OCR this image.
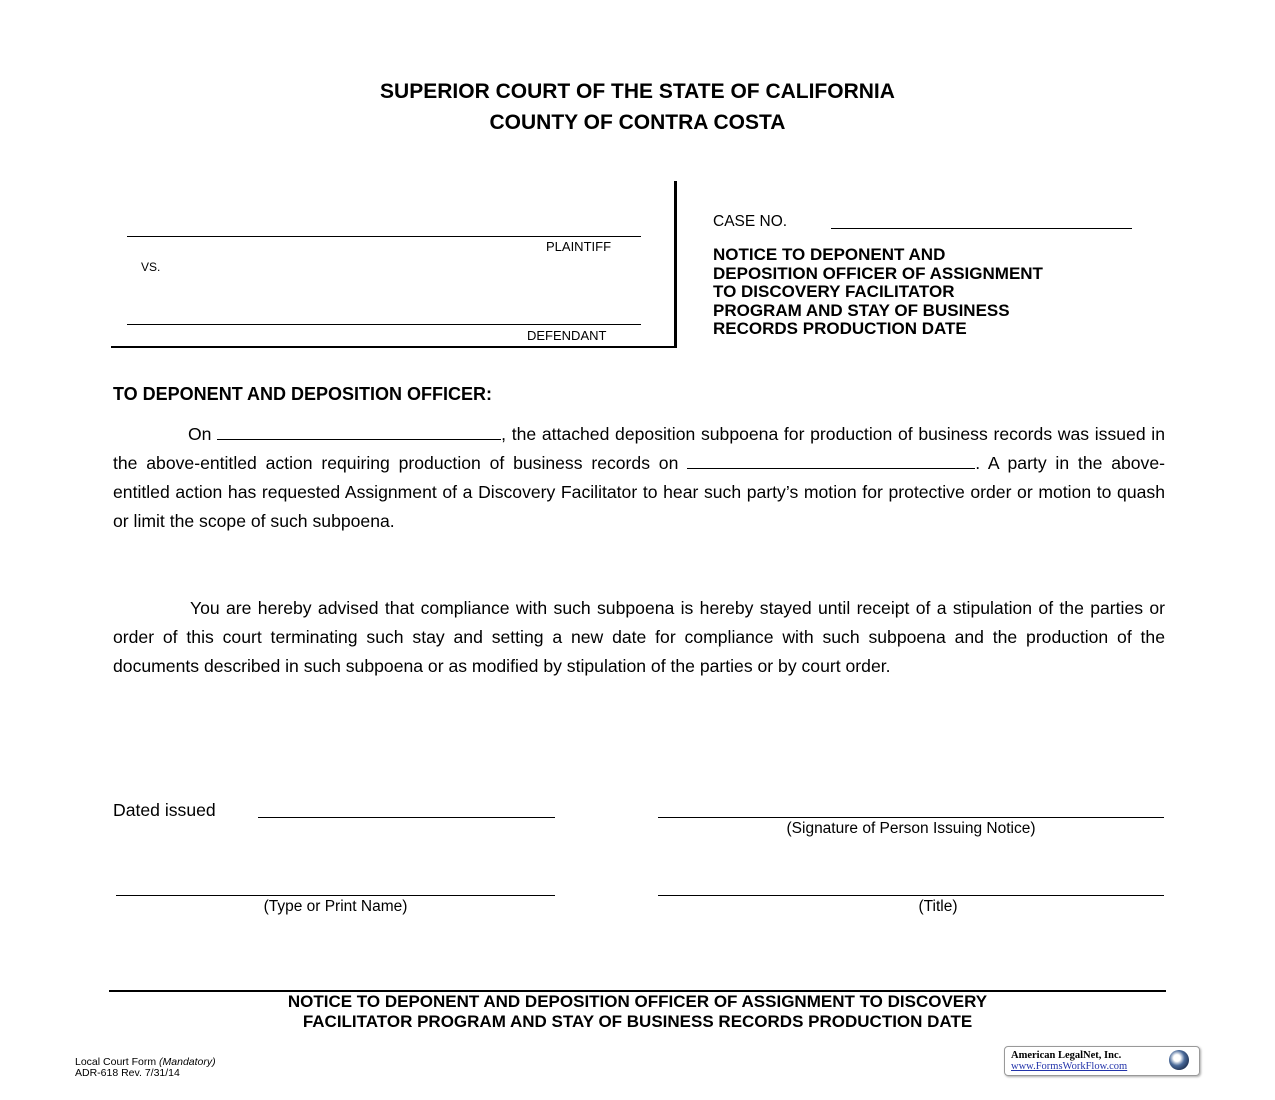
SUPERIOR COURT OF THE STATE OF CALIFORNIA
COUNTY OF CONTRA COSTA
PLAINTIFF
VS.
DEFENDANT
CASE NO.
NOTICE TO DEPONENT AND
DEPOSITION OFFICER OF ASSIGNMENT
TO DISCOVERY FACILITATOR
PROGRAM AND STAY OF BUSINESS
RECORDS PRODUCTION DATE
TO DEPONENT AND DEPOSITION OFFICER:
On	, the attached deposition subpoena for production of business records was issued in the above-entitled action requiring production of business records on	. A party in the above-entitled action has requested Assignment of a Discovery Facilitator to hear such party’s motion for protective order or motion to quash or limit the scope of such subpoena.
You are hereby advised that compliance with such subpoena is hereby stayed until receipt of a stipulation of the parties or order of this court terminating such stay and setting a new date for compliance with such subpoena and the production of the documents described in such subpoena or as modified by stipulation of the parties or by court order.
Dated issued
(Signature of Person Issuing Notice)
(Type or Print Name)	(Title)
NOTICE TO DEPONENT AND DEPOSITION OFFICER OF ASSIGNMENT TO DISCOVERY
FACILITATOR PROGRAM AND STAY OF BUSINESS RECORDS PRODUCTION DATE
Local Court Form (Mandatory)
ADR-618 Rev. 7/31/14
American LegalNet, Inc.
www.FormsWorkFlow.com
